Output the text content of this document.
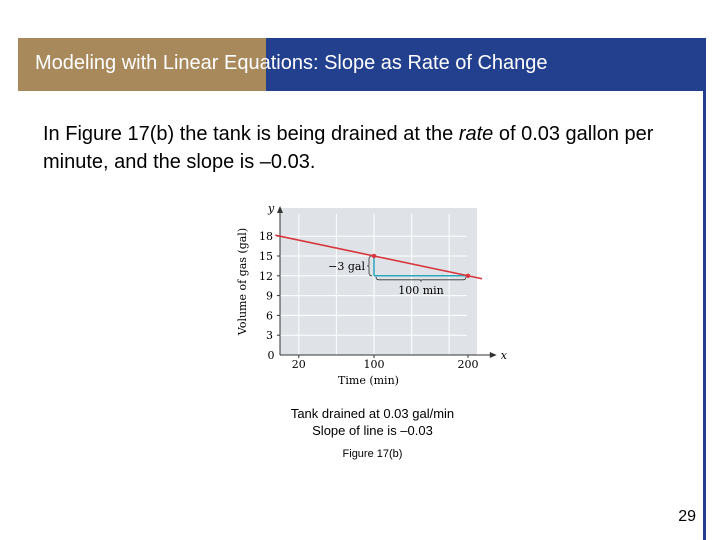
Modeling with Linear Equations: Slope as Rate of Change
In Figure 17(b) the tank is being drained at the rate of 0.03 gallon per minute, and the slope is –0.03.
x
y
3
6
9
12
15
18
20	100	200
0
Time (min)
Volume of gas (gal)	−3 gal
100 min
Tank drained at 0.03 gal/min
Slope of line is –0.03
Figure 17(b)
29
